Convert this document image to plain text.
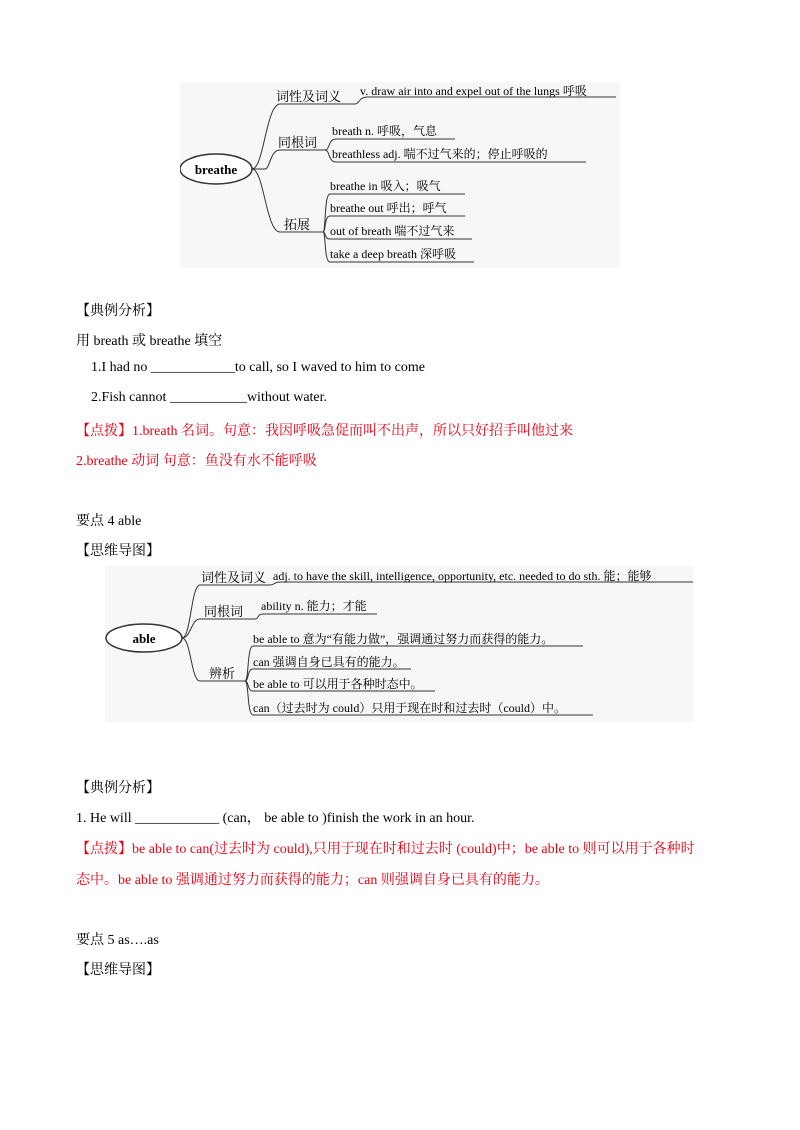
breathe
词性及词义 v. draw air into and expel out of the lungs 呼吸
同根词
breath n. 呼吸，气息
breathless adj. 喘不过气来的；停止呼吸的
拓展
breathe in 吸入；吸气
breathe out 呼出；呼气
out of breath 喘不过气来
take a deep breath 深呼吸
【典例分析】
用 breath 或 breathe 填空
1.I had no ____________to call, so I waved to him to come
2.Fish cannot ___________without water.
【点拨】1.breath 名词。句意：我因呼吸急促而叫不出声，所以只好招手叫他过来
2.breathe 动词 句意：鱼没有水不能呼吸
要点 4 able
【思维导图】
able
词性及词义 adj. to have the skill, intelligence, opportunity, etc. needed to do sth. 能；能够
同根词 ability n. 能力；才能
辨析
be able to 意为“有能力做”，强调通过努力而获得的能力。
can 强调自身已具有的能力。
be able to 可以用于各种时态中。
can（过去时为 could）只用于现在时和过去时（could）中。
【典例分析】
1. He will ____________ (can， be able to )finish the work in an hour.
【点拨】be able to can(过去时为 could),只用于现在时和过去时 (could)中；be able to 则可以用于各种时
态中。be able to 强调通过努力而获得的能力；can 则强调自身已具有的能力。
要点 5 as….as
【思维导图】
